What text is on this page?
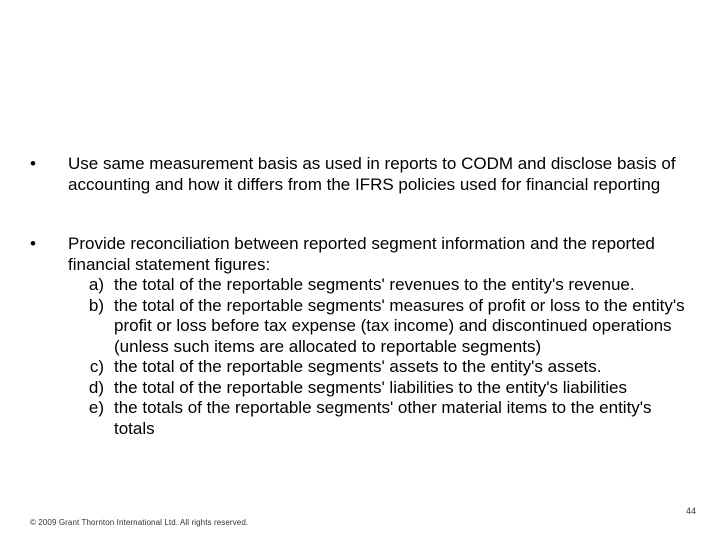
•	Use same measurement basis as used in reports to CODM and disclose basis of accounting and how it differs from the IFRS policies used for financial reporting
•	Provide reconciliation between reported segment information and the reported financial statement figures:
a) the total of the reportable segments' revenues to the entity's revenue.
b) the total of the reportable segments' measures of profit or loss to the entity's profit or loss before tax expense (tax income) and discontinued operations (unless such items are allocated to reportable segments)
c) the total of the reportable segments' assets to the entity's assets.
d) the total of the reportable segments' liabilities to the entity's liabilities
e) the totals of the reportable segments' other material items to the entity's totals
© 2009 Grant Thornton International Ltd. All rights reserved.
44
